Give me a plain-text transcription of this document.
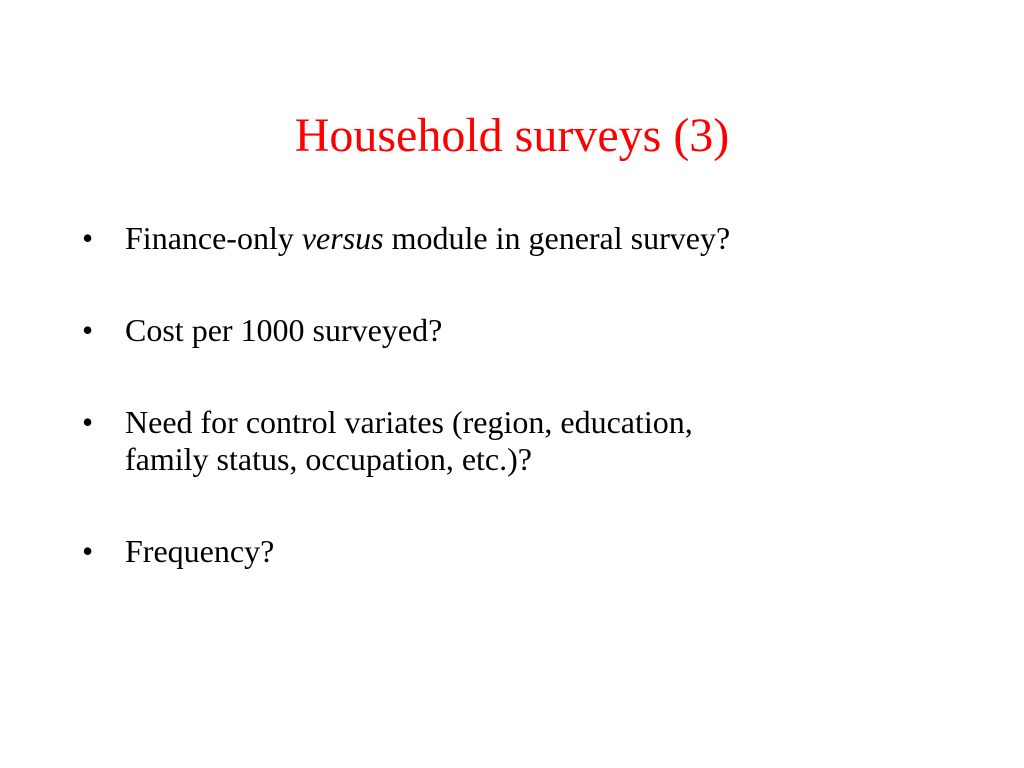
Household surveys (3)
• Finance-only versus module in general survey?
• Cost per 1000 surveyed?
• Need for control variates (region, education,
family status, occupation, etc.)?
• Frequency?
